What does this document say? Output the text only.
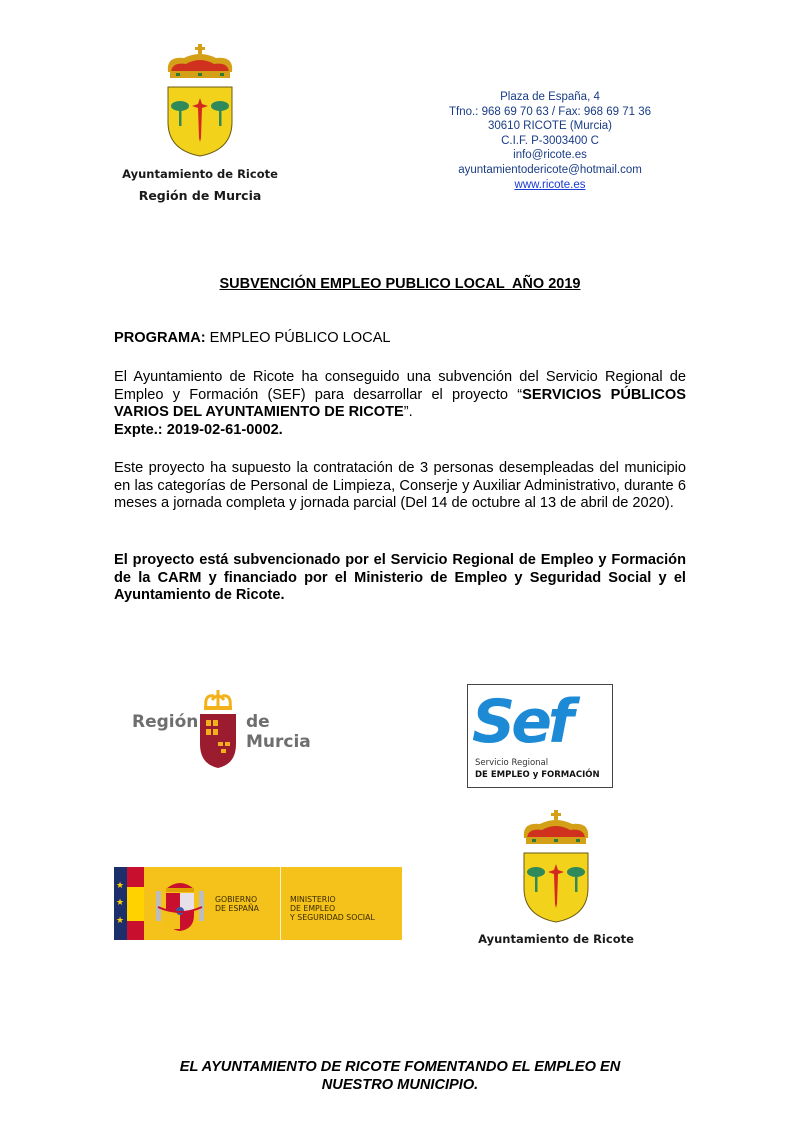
Ayuntamiento de Ricote
Región de Murcia
Plaza de España, 4
Tfno.: 968 69 70 63 / Fax: 968 69 71 36
30610 RICOTE (Murcia)
C.I.F. P-3003400 C
info@ricote.es
ayuntamientodericote@hotmail.com
www.ricote.es
SUBVENCIÓN EMPLEO PUBLICO LOCAL  AÑO 2019
PROGRAMA: EMPLEO PÚBLICO LOCAL
El Ayuntamiento de Ricote ha conseguido una subvención del Servicio Regional de Empleo y Formación (SEF) para desarrollar el proyecto “SERVICIOS PÚBLICOS VARIOS DEL AYUNTAMIENTO DE RICOTE”.
Expte.: 2019-02-61-0002.
Este proyecto ha supuesto la contratación de 3 personas desempleadas del municipio en las categorías de Personal de Limpieza, Conserje y Auxiliar Administrativo, durante 6 meses a jornada completa y jornada parcial (Del 14 de octubre al 13 de abril de 2020).
El proyecto está subvencionado por el Servicio Regional de Empleo y Formación de la CARM y financiado por el Ministerio de Empleo y Seguridad Social y el Ayuntamiento de Ricote.
Región	de Murcia	Sef
Servicio Regional
DE EMPLEO y FORMACIÓN
★
★
★
GOBIERNO
DE ESPAÑA
MINISTERIO
DE EMPLEO
Y SEGURIDAD SOCIAL
Ayuntamiento de Ricote
EL AYUNTAMIENTO DE RICOTE FOMENTANDO EL EMPLEO EN
NUESTRO MUNICIPIO.
